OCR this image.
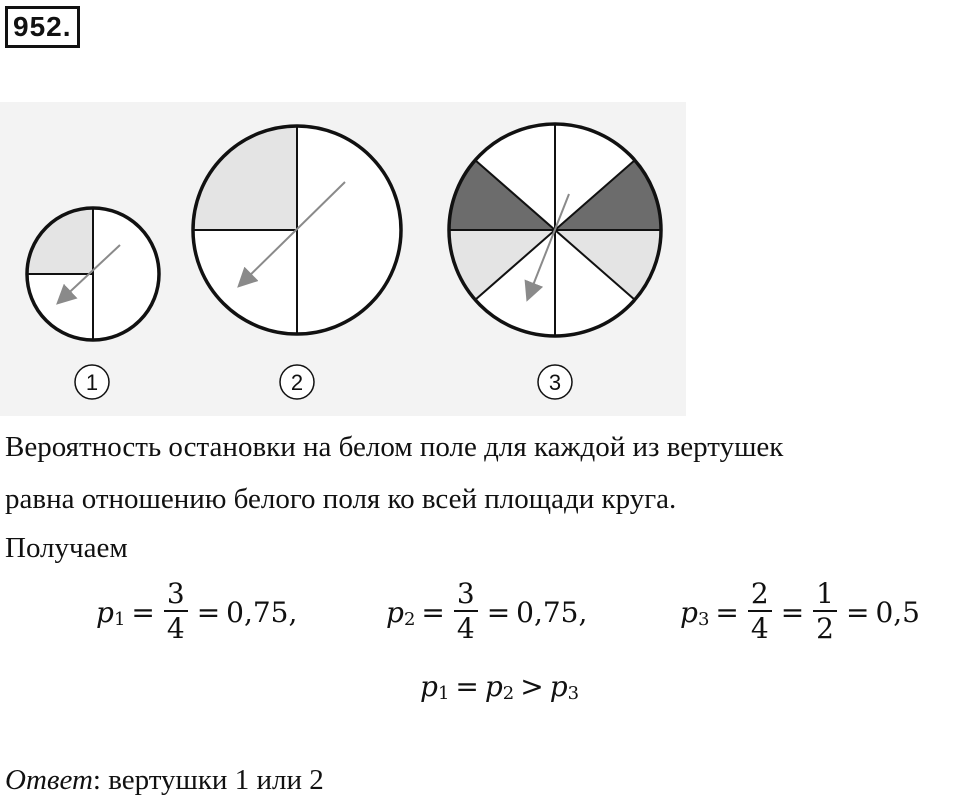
952.
1	2	3
Вероятность остановки на белом поле для каждой из вертушек
равна отношению белого поля ко всей площади круга.
Получаем
p $1 = \frac{3}{4} = 0,75$,	p $2 = \frac{3}{4} = 0,75$,	p $3 = \frac{2}{4} = \frac{1}{2} = 0,5$
p 1 = p 2 > p 3
Ответ: вертушки 1 или 2
